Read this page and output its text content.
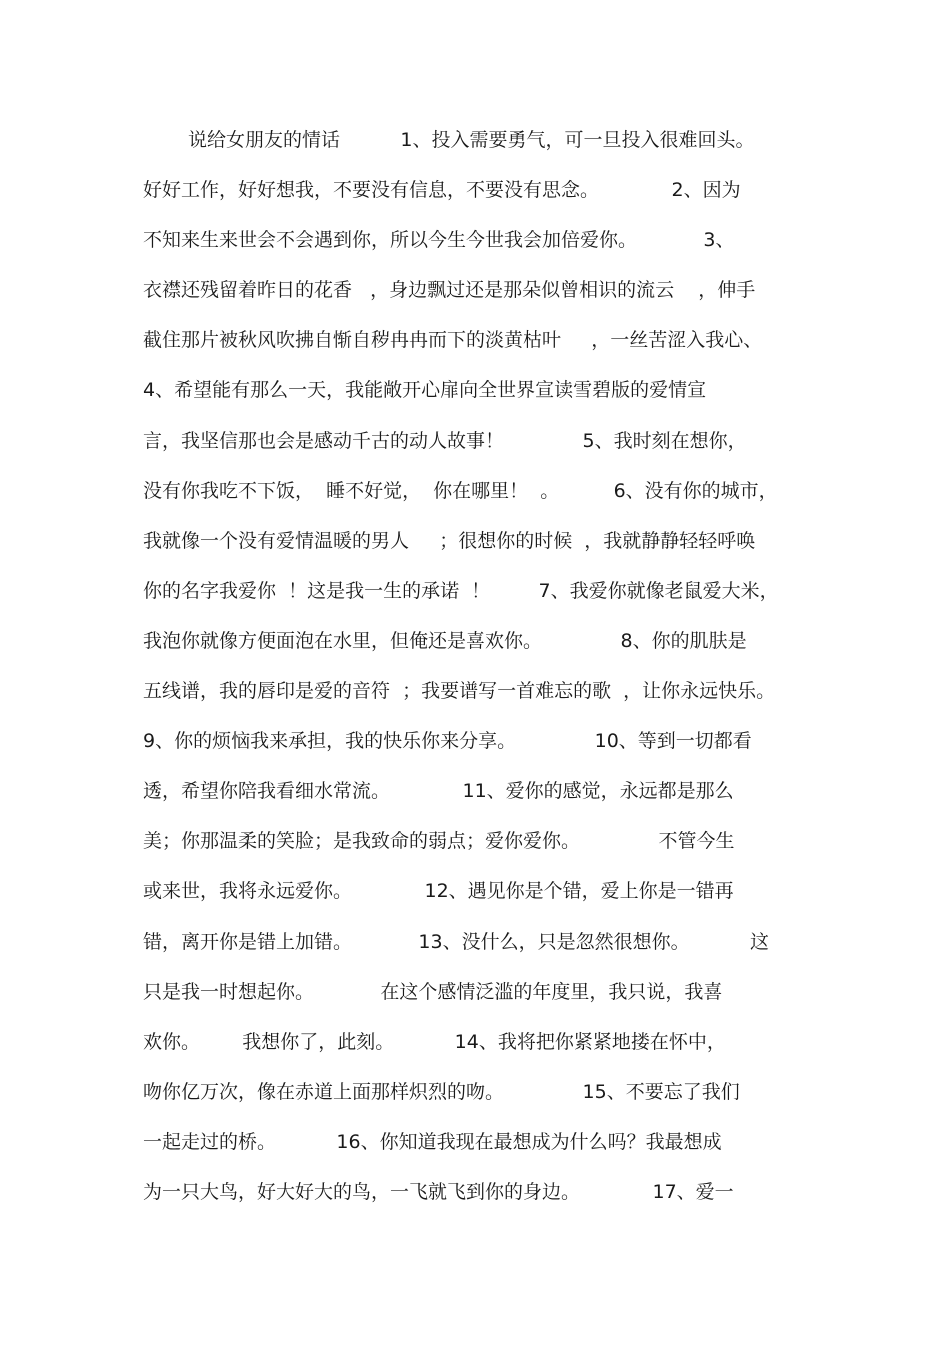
说给女朋友的情话          1、投入需要勇气，可一旦投入很难回头。
好好工作，好好想我，不要没有信息，不要没有思念。            2、因为
不知来生来世会不会遇到你，所以今生今世我会加倍爱你。           3、
衣襟还残留着昨日的花香   ，身边飘过还是那朵似曾相识的流云    ，伸手
截住那片被秋风吹拂自惭自秽冉冉而下的淡黄枯叶     ，一丝苦涩入我心、
4、希望能有那么一天，我能敞开心扉向全世界宣读雪碧版的爱情宣
言，我坚信那也会是感动千古的动人故事！             5、我时刻在想你，
没有你我吃不下饭，  睡不好觉，  你在哪里！  。         6、没有你的城市，
我就像一个没有爱情温暖的男人     ；很想你的时候  ，我就静静轻轻呼唤
你的名字我爱你  ！这是我一生的承诺  ！        7、我爱你就像老鼠爱大米，
我泡你就像方便面泡在水里，但俺还是喜欢你。             8、你的肌肤是
五线谱，我的唇印是爱的音符  ；我要谱写一首难忘的歌  ，让你永远快乐。
9、你的烦恼我来承担，我的快乐你来分享。             10、等到一切都看
透，希望你陪我看细水常流。            11、爱你的感觉，永远都是那么
美；你那温柔的笑脸；是我致命的弱点；爱你爱你。             不管今生
或来世，我将永远爱你。            12、遇见你是个错，爱上你是一错再
错，离开你是错上加错。           13、没什么，只是忽然很想你。          这
只是我一时想起你。           在这个感情泛滥的年度里，我只说，我喜
欢你。       我想你了，此刻。          14、我将把你紧紧地搂在怀中，
吻你亿万次，像在赤道上面那样炽烈的吻。             15、不要忘了我们
一起走过的桥。          16、你知道我现在最想成为什么吗？我最想成
为一只大鸟，好大好大的鸟，一飞就飞到你的身边。            17、爱一
